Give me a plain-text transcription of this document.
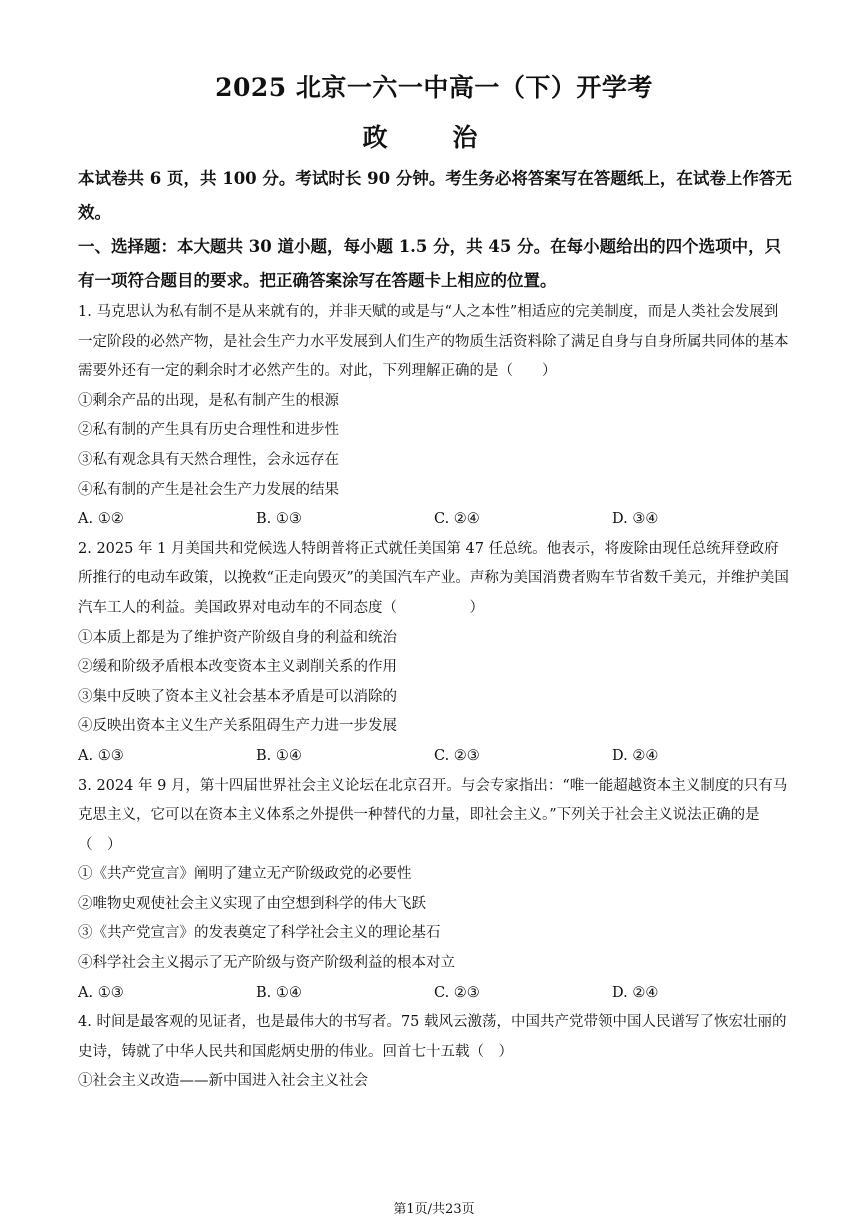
2025 北京一六一中高一（下）开学考
政 治
本试卷共 6 页，共 100 分。考试时长 90 分钟。考生务必将答案写在答题纸上，在试卷上作答无效。
一、选择题：本大题共 30 道小题，每小题 1.5 分，共 45 分。在每小题给出的四个选项中，只有一项符合题目的要求。把正确答案涂写在答题卡上相应的位置。
1. 马克思认为私有制不是从来就有的，并非天赋的或是与“人之本性”相适应的完美制度，而是人类社会发展到一定阶段的必然产物，是社会生产力水平发展到人们生产的物质生活资料除了满足自身与自身所属共同体的基本需要外还有一定的剩余时才必然产生的。对此，下列理解正确的是（　　）
①剩余产品的出现，是私有制产生的根源
②私有制的产生具有历史合理性和进步性
③私有观念具有天然合理性，会永远存在
④私有制的产生是社会生产力发展的结果
A. ①②	B. ①③	C. ②④	D. ③④
2. 2025 年 1 月美国共和党候选人特朗普将正式就任美国第 47 任总统。他表示，将废除由现任总统拜登政府所推行的电动车政策，以挽救“正走向毁灭”的美国汽车产业。声称为美国消费者购车节省数千美元，并维护美国汽车工人的利益。美国政界对电动车的不同态度（　　　　　）
①本质上都是为了维护资产阶级自身的利益和统治
②缓和阶级矛盾根本改变资本主义剥削关系的作用
③集中反映了资本主义社会基本矛盾是可以消除的
④反映出资本主义生产关系阻碍生产力进一步发展
A. ①③	B. ①④	C. ②③	D. ②④
3. 2024 年 9 月，第十四届世界社会主义论坛在北京召开。与会专家指出：“唯一能超越资本主义制度的只有马克思主义，它可以在资本主义体系之外提供一种替代的力量，即社会主义。”下列关于社会主义说法正确的是（　）
①《共产党宣言》阐明了建立无产阶级政党的必要性
②唯物史观使社会主义实现了由空想到科学的伟大飞跃
③《共产党宣言》的发表奠定了科学社会主义的理论基石
④科学社会主义揭示了无产阶级与资产阶级利益的根本对立
A. ①③	B. ①④	C. ②③	D. ②④
4. 时间是最客观的见证者，也是最伟大的书写者。75 载风云激荡，中国共产党带领中国人民谱写了恢宏壮丽的史诗，铸就了中华人民共和国彪炳史册的伟业。回首七十五载（　）
①社会主义改造——新中国进入社会主义社会
第1页/共23页
